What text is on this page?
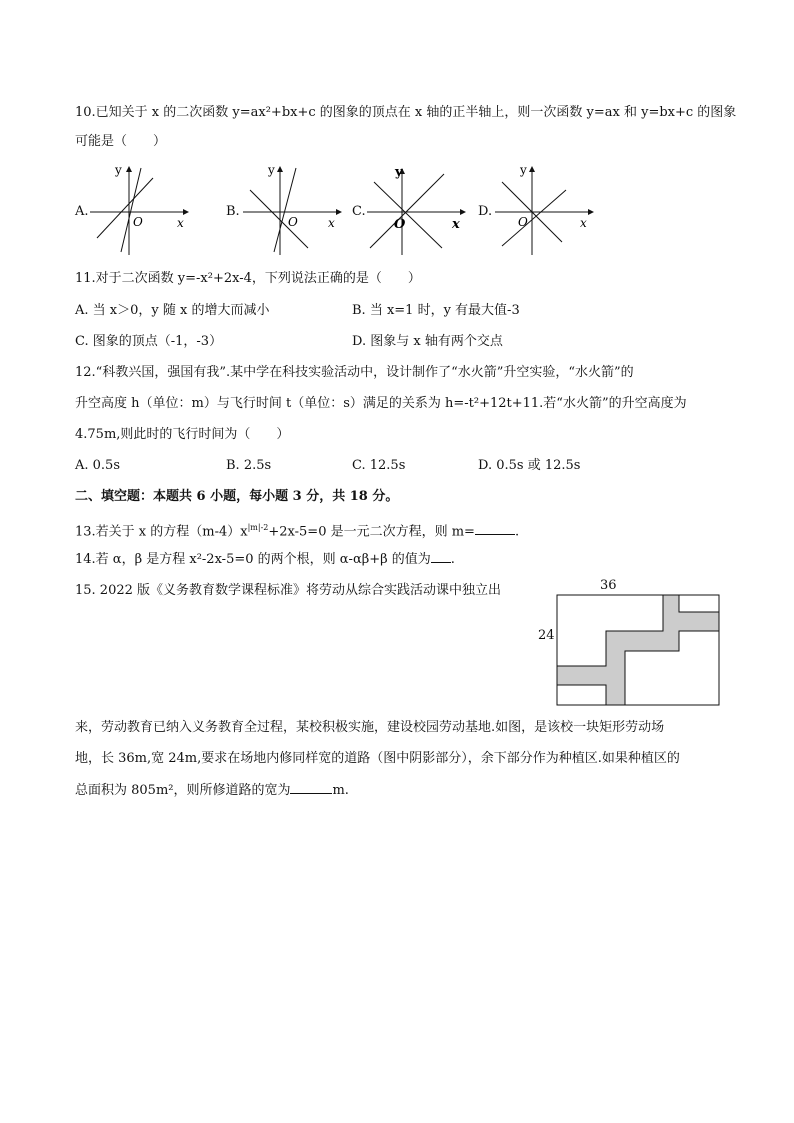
10.已知关于 x 的二次函数 y=ax²+bx+c 的图象的顶点在 x 轴的正半轴上，则一次函数 y=ax 和 y=bx+c 的图象
可能是（　　）
A.
y
O	x
B.
y
O	x
C.
y
O	x
D.
y
O	x
11.对于二次函数 y=-x²+2x-4，下列说法正确的是（　　）
A. 当 x＞0，y 随 x 的增大而减小	B. 当 x=1 时，y 有最大值-3
C. 图象的顶点（-1，-3）	D. 图象与 x 轴有两个交点
12.“科教兴国，强国有我”.某中学在科技实验活动中，设计制作了“水火箭”升空实验，“水火箭”的
升空高度 h（单位：m）与飞行时间 t（单位：s）满足的关系为 h=-t²+12t+11.若“水火箭”的升空高度为
4.75m,则此时的飞行时间为（　　）
A. 0.5s	B. 2.5s	C. 12.5s	D. 0.5s 或 12.5s
二、填空题：本题共 6 小题，每小题 3 分，共 18 分。
13.若关于 x 的方程$(m-4)x^{|m|-2}+2x-5=0$ 是一元二次方程，则 m=	.
14.若 α，β 是方程 x²-2x-5=0 的两个根，则 α-αβ+β 的值为 .
15. 2022 版《义务教育数学课程标准》将劳动从综合实践活动课中独立出	36
24
来，劳动教育已纳入义务教育全过程，某校积极实施，建设校园劳动基地.如图，是该校一块矩形劳动场
地，长 36m,宽 24m,要求在场地内修同样宽的道路（图中阴影部分），余下部分作为种植区.如果种植区的
总面积为 805m²，则所修道路的宽为	m.
